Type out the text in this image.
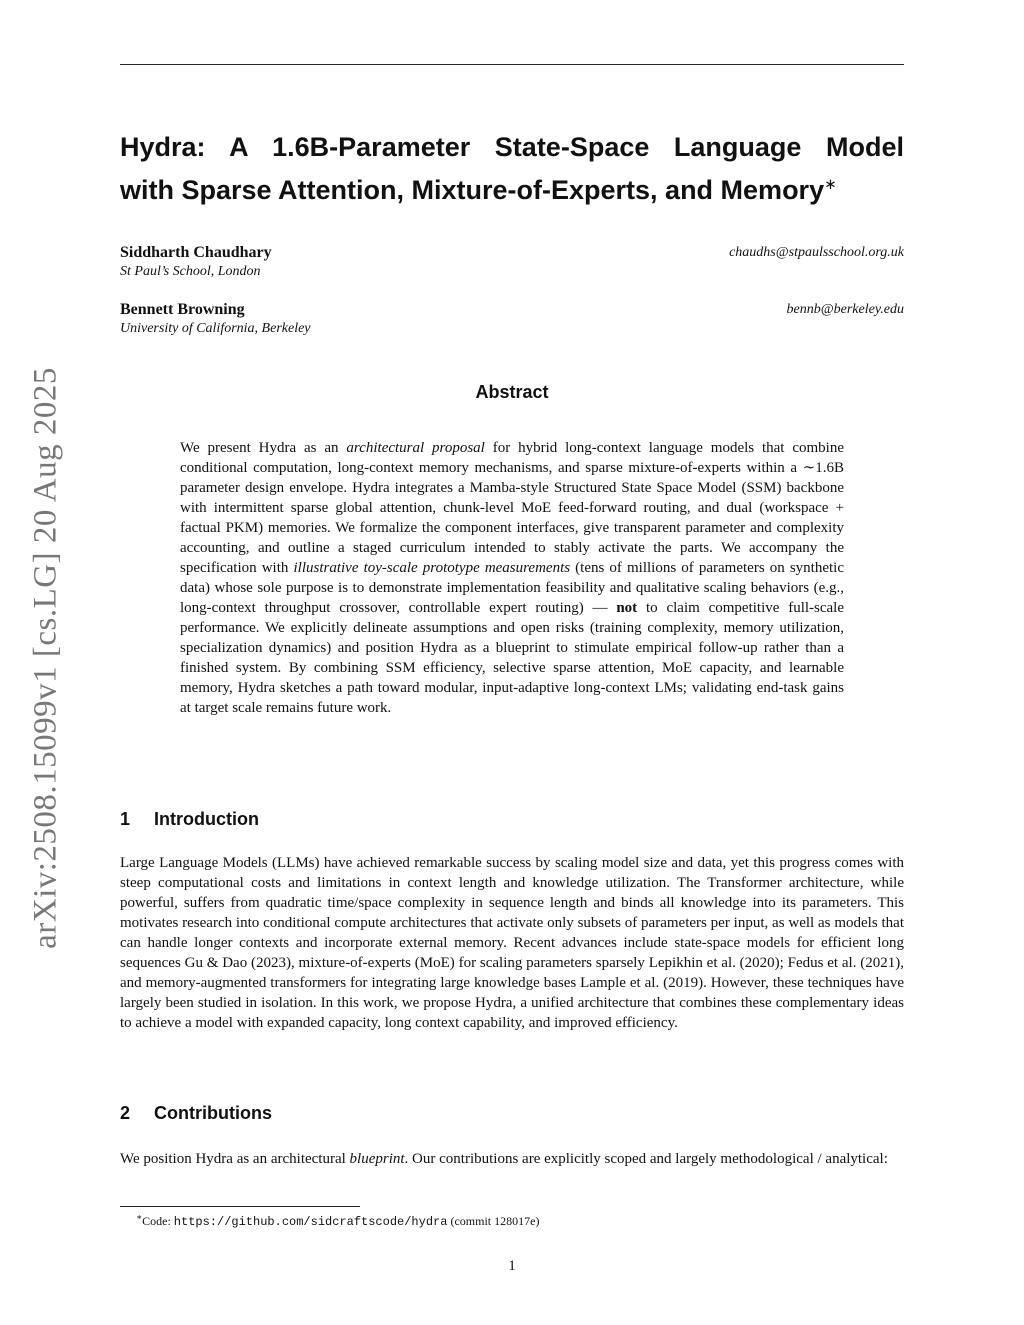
Hydra: A 1.6B-Parameter State-Space Language Model
with Sparse Attention, Mixture-of-Experts, and Memory∗
Siddharth Chaudhary
St Paul’s School, London
chaudhs@stpaulsschool.org.uk
Bennett Browning
University of California, Berkeley
bennb@berkeley.edu
arXiv:2508.15099v1 [cs.LG] 20 Aug 2025	Abstract

We present Hydra as an architectural proposal for hybrid long-context language models that combine conditional computation, long-context memory mechanisms, and sparse mixture-of-experts within a ∼1.6B parameter design envelope. Hydra integrates a Mamba-style Structured State Space Model (SSM) backbone with intermittent sparse global attention, chunk-level MoE feed-forward routing, and dual (workspace + factual PKM) memories. We formalize the component interfaces, give transparent parameter and complexity accounting, and outline a staged curriculum intended to stably activate the parts. We accompany the specification with illustrative toy-scale prototype measurements (tens of millions of parameters on synthetic data) whose sole purpose is to demonstrate implementation feasibility and qualitative scaling behaviors (e.g., long-context throughput crossover, controllable expert routing) — not to claim competitive full-scale performance. We explicitly delineate assumptions and open risks (training complexity, memory utilization, specialization dynamics) and position Hydra as a blueprint to stimulate empirical follow-up rather than a finished system. By combining SSM efficiency, selective sparse attention, MoE capacity, and learnable memory, Hydra sketches a path toward modular, input-adaptive long-context LMs; validating end-task gains at target scale remains future work.

1 Introduction

Large Language Models (LLMs) have achieved remarkable success by scaling model size and data, yet this progress comes with steep computational costs and limitations in context length and knowledge utilization. The Transformer architecture, while powerful, suffers from quadratic time/space complexity in sequence length and binds all knowledge into its parameters. This motivates research into conditional compute architectures that activate only subsets of parameters per input, as well as models that can handle longer contexts and incorporate external memory. Recent advances include state-space models for efficient long sequences Gu & Dao (2023), mixture-of-experts (MoE) for scaling parameters sparsely Lepikhin et al. (2020); Fedus et al. (2021), and memory-augmented transformers for integrating large knowledge bases Lample et al. (2019). However, these techniques have largely been studied in isolation. In this work, we propose Hydra, a unified architecture that combines these complementary ideas to achieve a model with expanded capacity, long context capability, and improved efficiency.

2 Contributions

We position Hydra as an architectural blueprint. Our contributions are explicitly scoped and largely methodological / analytical:

∗Code: https://github.com/sidcraftscode/hydra (commit 128017e)
1
